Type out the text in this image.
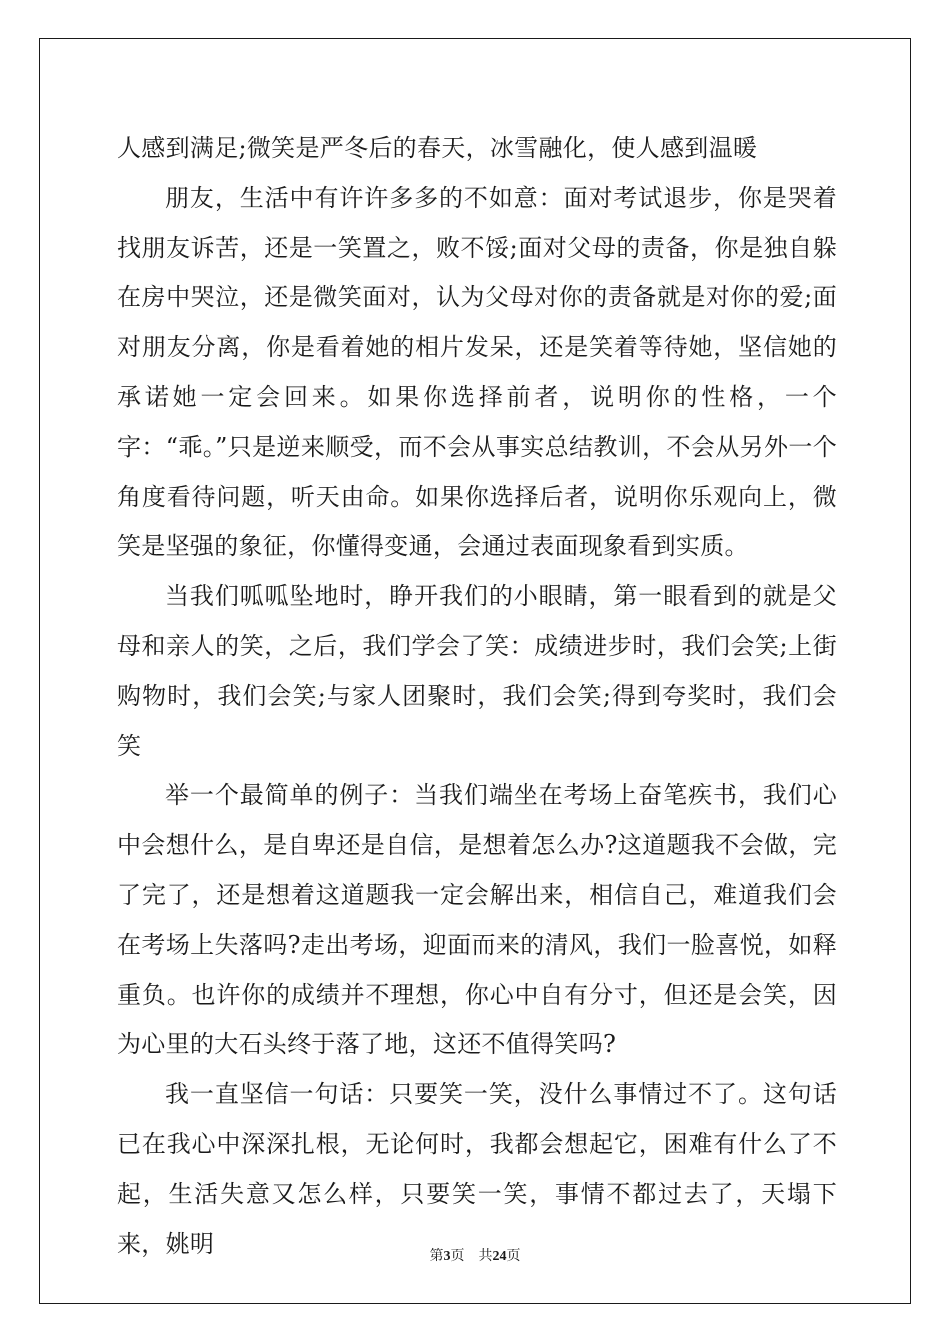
人感到满足;微笑是严冬后的春天，冰雪融化，使人感到温暖

朋友，生活中有许许多多的不如意：面对考试退步，你是哭着找朋友诉苦，还是一笑置之，败不馁;面对父母的责备，你是独自躲在房中哭泣，还是微笑面对，认为父母对你的责备就是对你的爱;面对朋友分离，你是看着她的相片发呆，还是笑着等待她，坚信她的承诺她一定会回来。如果你选择前者，说明你的性格，一个字：“乖。”只是逆来顺受，而不会从事实总结教训，不会从另外一个角度看待问题，听天由命。如果你选择后者，说明你乐观向上，微笑是坚强的象征，你懂得变通，会通过表面现象看到实质。

当我们呱呱坠地时，睁开我们的小眼睛，第一眼看到的就是父母和亲人的笑，之后，我们学会了笑：成绩进步时，我们会笑;上街购物时，我们会笑;与家人团聚时，我们会笑;得到夸奖时，我们会笑

举一个最简单的例子：当我们端坐在考场上奋笔疾书，我们心中会想什么，是自卑还是自信，是想着怎么办?这道题我不会做，完了完了，还是想着这道题我一定会解出来，相信自己，难道我们会在考场上失落吗?走出考场，迎面而来的清风，我们一脸喜悦，如释重负。也许你的成绩并不理想，你心中自有分寸，但还是会笑，因为心里的大石头终于落了地，这还不值得笑吗?

我一直坚信一句话：只要笑一笑，没什么事情过不了。这句话已在我心中深深扎根，无论何时，我都会想起它，困难有什么了不起，生活失意又怎么样，只要笑一笑，事情不都过去了，天塌下来，姚明	第3页 共24页
